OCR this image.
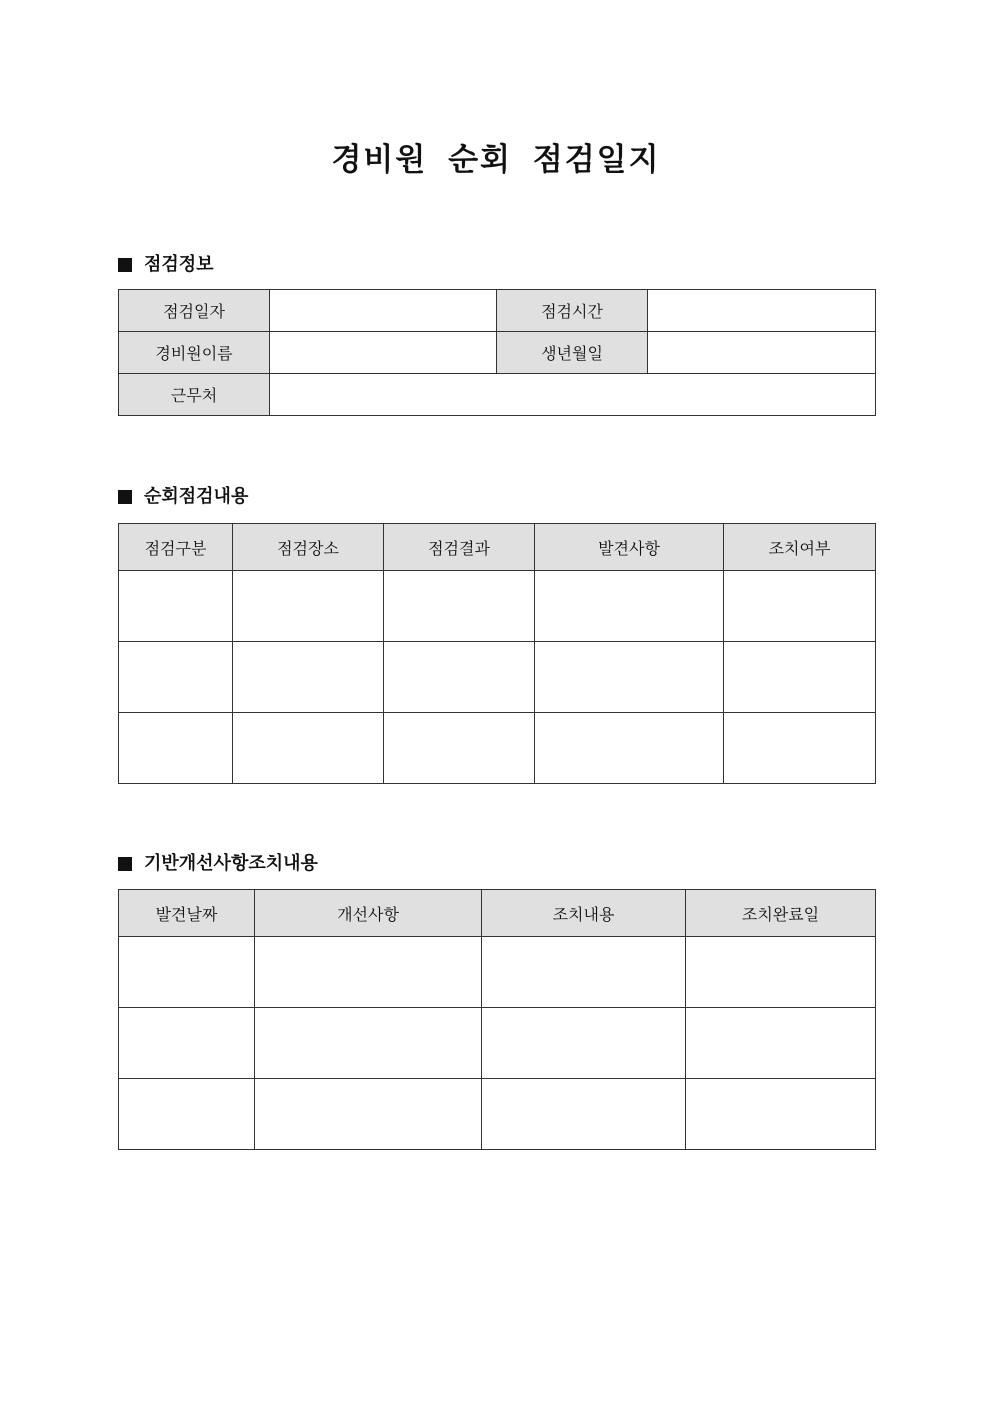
경비원 순회 점검일지
점검정보
점검일자		점검시간	
경비원이름		생년월일	
근무처			
순회점검내용
점검구분	점검장소	점검결과	발견사항	조치여부

기반개선사항조치내용
발견날짜	개선사항	조치내용	조치완료일
